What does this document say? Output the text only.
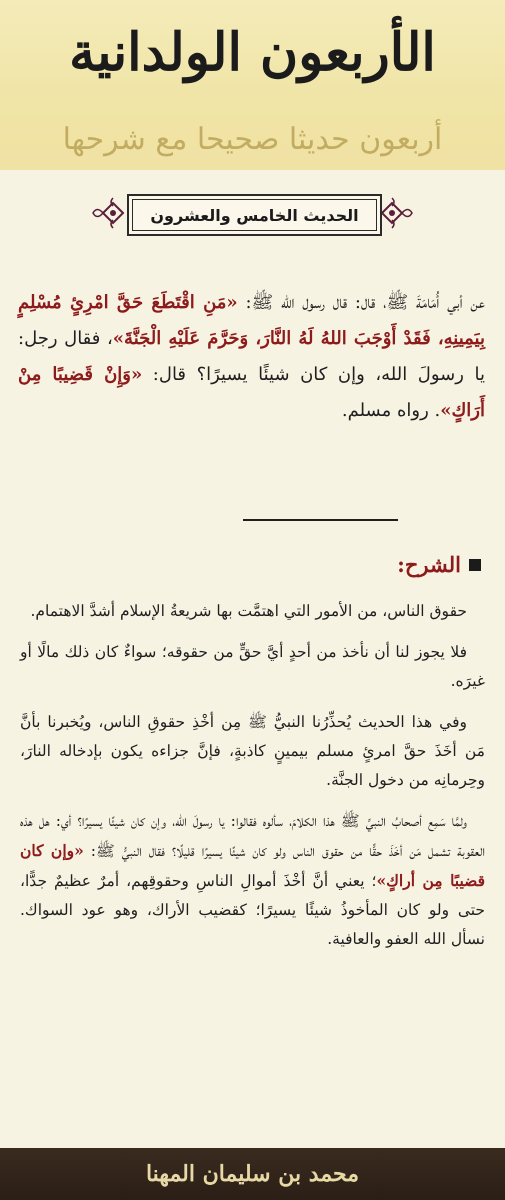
الأربعون الولدانية
أربعون حديثا صحيحا مع شرحها
الحديث الخامس والعشرون
عن أبي أُمَامَةَ ﷺ، قال: قال رسول الله ﷺ: «مَنِ اقْتَطَعَ حَقَّ امْرِئٍ مُسْلِمٍ بِيَمِينِهِ، فَقَدْ أَوْجَبَ اللهُ لَهُ النَّارَ، وَحَرَّمَ عَلَيْهِ الْجَنَّةَ»، فقال رجل: يا رسولَ الله، وإن كان شيئًا يسيرًا؟ قال: «وَإِنْ قَضِيبًا مِنْ أَرَاكٍ». رواه مسلم.
الشرح:

حقوق الناس، من الأمور التي اهتمَّت بها شريعةُ الإسلام أشدَّ الاهتمام.

فلا يجوز لنا أن نأخذ من أحدٍ أيَّ حقٍّ من حقوقه؛ سواءٌ كان ذلك مالًا أو غيرَه.

وفي هذا الحديث يُحذِّرُنا النبيُّ ﷺ مِن أخْذِ حقوقِ الناس، ويُخبرنا بأنَّ مَن أخَذَ حقَّ امرئٍ مسلم بيمينٍ كاذبةٍ، فإنَّ جزاءه يكون بإدخاله النارَ، وحِرمانِه من دخول الجنَّة.

ولمَّا سَمِع أصحابُ النبيِّ ﷺ هذا الكلامَ، سألوه فقالوا: يا رسولَ الله، وإن كان شيئًا يسيرًا؟ أي: هل هذه العقوبة تشمل مَن أخَذَ حقًّا من حقوق الناس ولو كان شيئًا يسيرًا قليلًا؟ فقال النبيُّ ﷺ: «وإن كان قضيبًا مِن أراكٍ»؛ يعني أنَّ أخْذَ أموالِ الناسِ وحقوقِهم، أمرٌ عظيمٌ جدًّا، حتى ولو كان المأخوذُ شيئًا يسيرًا؛ كقضيب الأراك، وهو عود السواك. نسأل الله العفو والعافية.

محمد بن سليمان المهنا
